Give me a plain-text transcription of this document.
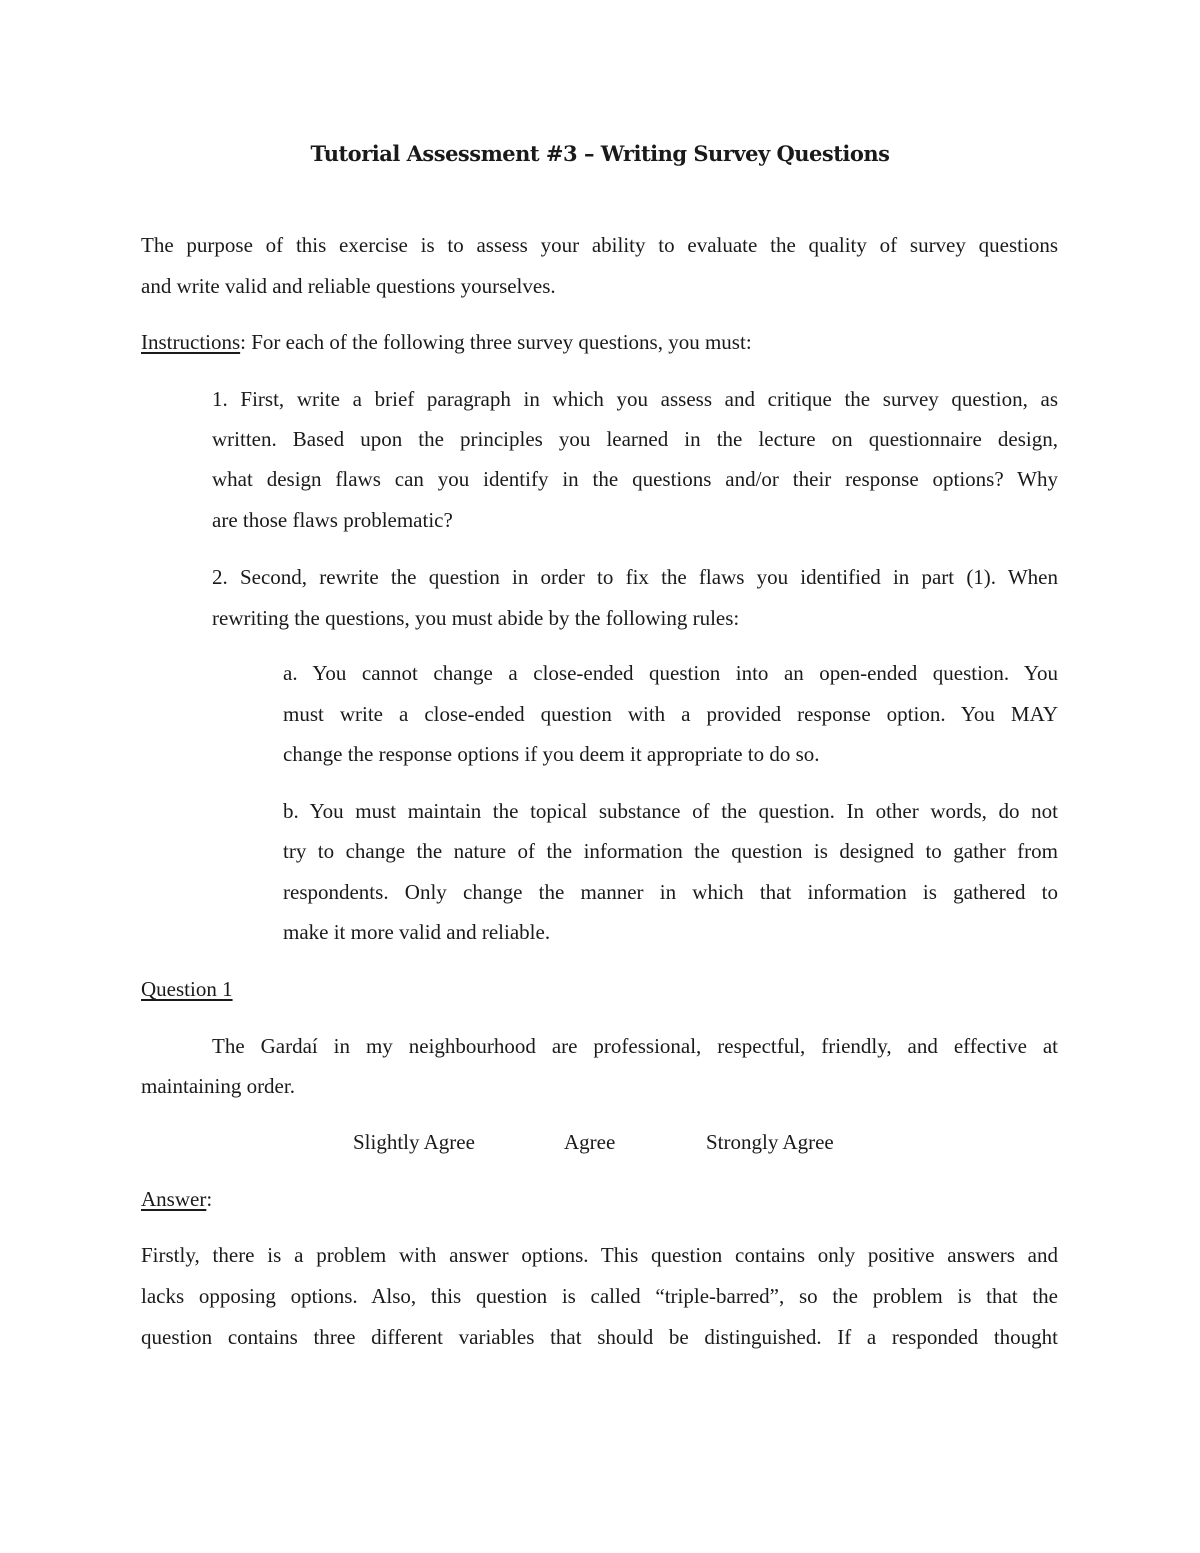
Tutorial Assessment #3 – Writing Survey Questions
The purpose of this exercise is to assess your ability to evaluate the quality of survey questions
and write valid and reliable questions yourselves.
Instructions: For each of the following three survey questions, you must:
1. First, write a brief paragraph in which you assess and critique the survey question, as
written. Based upon the principles you learned in the lecture on questionnaire design,
what design flaws can you identify in the questions and/or their response options? Why
are those flaws problematic?
2. Second, rewrite the question in order to fix the flaws you identified in part (1). When
rewriting the questions, you must abide by the following rules:
a. You cannot change a close-ended question into an open-ended question. You
must write a close-ended question with a provided response option. You MAY
change the response options if you deem it appropriate to do so.
b. You must maintain the topical substance of the question. In other words, do not
try to change the nature of the information the question is designed to gather from
respondents. Only change the manner in which that information is gathered to
make it more valid and reliable.
Question 1
The Gardaí in my neighbourhood are professional, respectful, friendly, and effective at
maintaining order.
Slightly Agree	Agree	Strongly Agree
Answer:
Firstly, there is a problem with answer options. This question contains only positive answers and
lacks opposing options. Also, this question is called “triple-barred”, so the problem is that the
question contains three different variables that should be distinguished. If a responded thought
